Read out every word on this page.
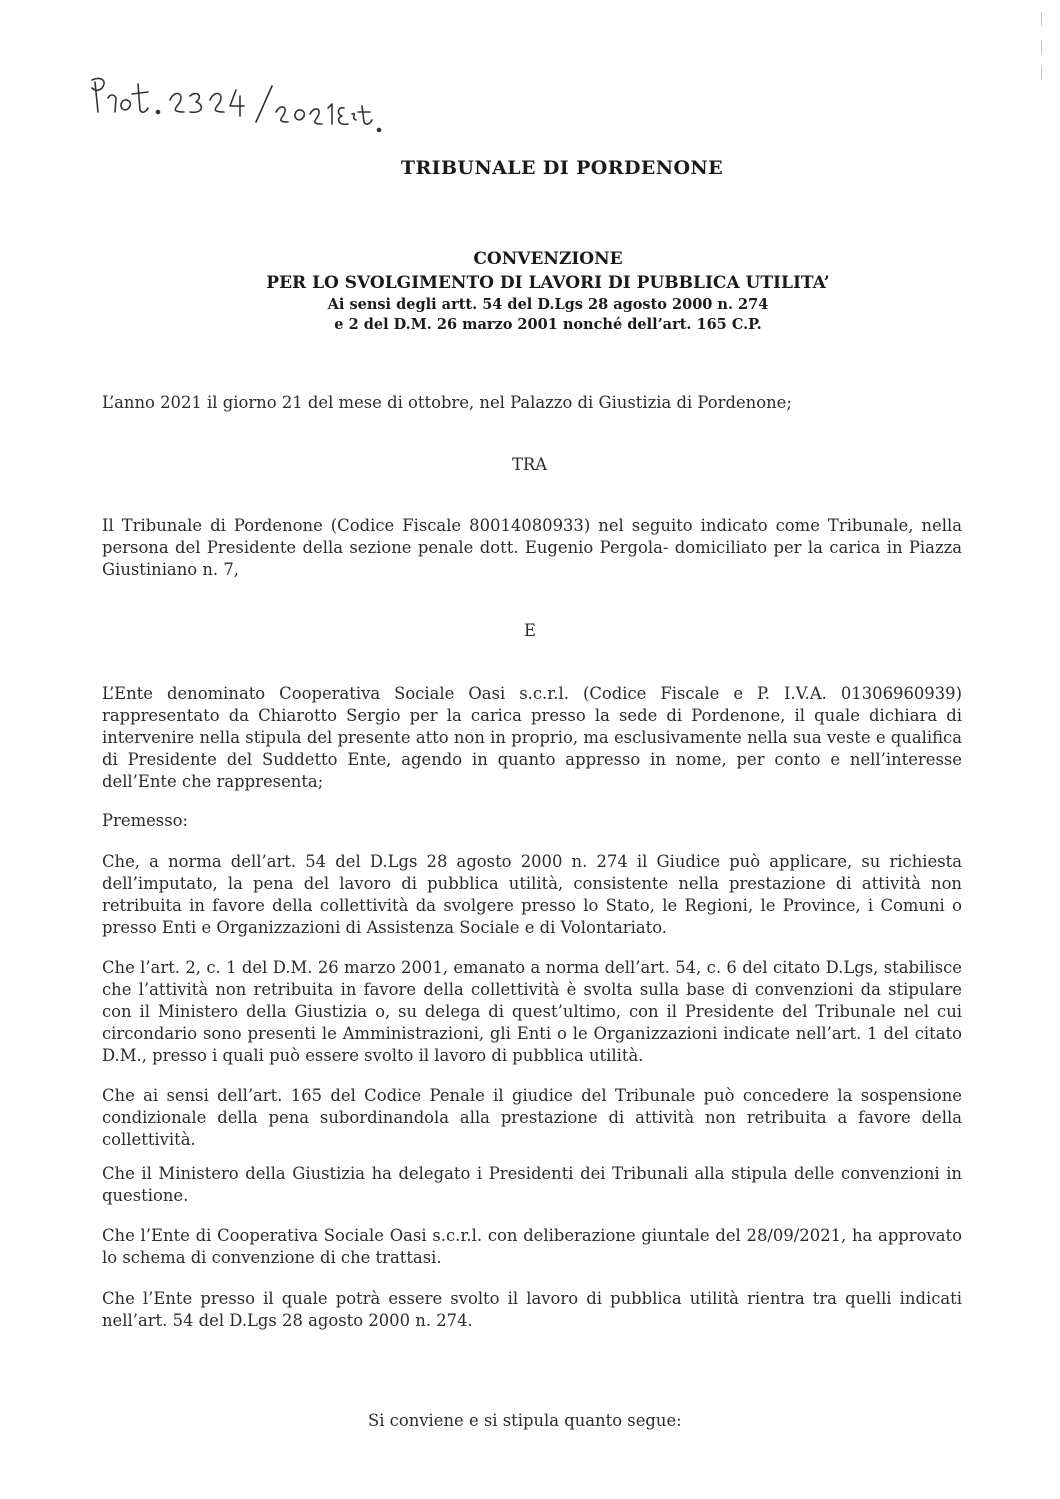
TRIBUNALE DI PORDENONE
CONVENZIONE
PER LO SVOLGIMENTO DI LAVORI DI PUBBLICA UTILITA’
Ai sensi degli artt. 54 del D.Lgs 28 agosto 2000 n. 274
e 2 del D.M. 26 marzo 2001 nonché dell’art. 165 C.P.
L’anno 2021 il giorno 21 del mese di ottobre, nel Palazzo di Giustizia di Pordenone;
TRA
Il Tribunale di Pordenone (Codice Fiscale 80014080933) nel seguito indicato come Tribunale, nella persona del Presidente della sezione penale dott. Eugenio Pergola- domiciliato per la carica in Piazza Giustiniano n. 7,
E
L’Ente denominato Cooperativa Sociale Oasi s.c.r.l. (Codice Fiscale e P. I.V.A. 01306960939) rappresentato da Chiarotto Sergio per la carica presso la sede di Pordenone, il quale dichiara di intervenire nella stipula del presente atto non in proprio, ma esclusivamente nella sua veste e qualifica di Presidente del Suddetto Ente, agendo in quanto appresso in nome, per conto e nell’interesse dell’Ente che rappresenta;
Premesso:
Che, a norma dell’art. 54 del D.Lgs 28 agosto 2000 n. 274 il Giudice può applicare, su richiesta dell’imputato, la pena del lavoro di pubblica utilità, consistente nella prestazione di attività non retribuita in favore della collettività da svolgere presso lo Stato, le Regioni, le Province, i Comuni o presso Enti e Organizzazioni di Assistenza Sociale e di Volontariato.
Che l’art. 2, c. 1 del D.M. 26 marzo 2001, emanato a norma dell’art. 54, c. 6 del citato D.Lgs, stabilisce che l’attività non retribuita in favore della collettività è svolta sulla base di convenzioni da stipulare con il Ministero della Giustizia o, su delega di quest’ultimo, con il Presidente del Tribunale nel cui circondario sono presenti le Amministrazioni, gli Enti o le Organizzazioni indicate nell’art. 1 del citato D.M., presso i quali può essere svolto il lavoro di pubblica utilità.
Che ai sensi dell’art. 165 del Codice Penale il giudice del Tribunale può concedere la sospensione condizionale della pena subordinandola alla prestazione di attività non retribuita a favore della collettività.
Che il Ministero della Giustizia ha delegato i Presidenti dei Tribunali alla stipula delle convenzioni in questione.
Che l’Ente di Cooperativa Sociale Oasi s.c.r.l. con deliberazione giuntale del 28/09/2021, ha approvato lo schema di convenzione di che trattasi.
Che l’Ente presso il quale potrà essere svolto il lavoro di pubblica utilità rientra tra quelli indicati nell’art. 54 del D.Lgs 28 agosto 2000 n. 274.
Si conviene e si stipula quanto segue:
